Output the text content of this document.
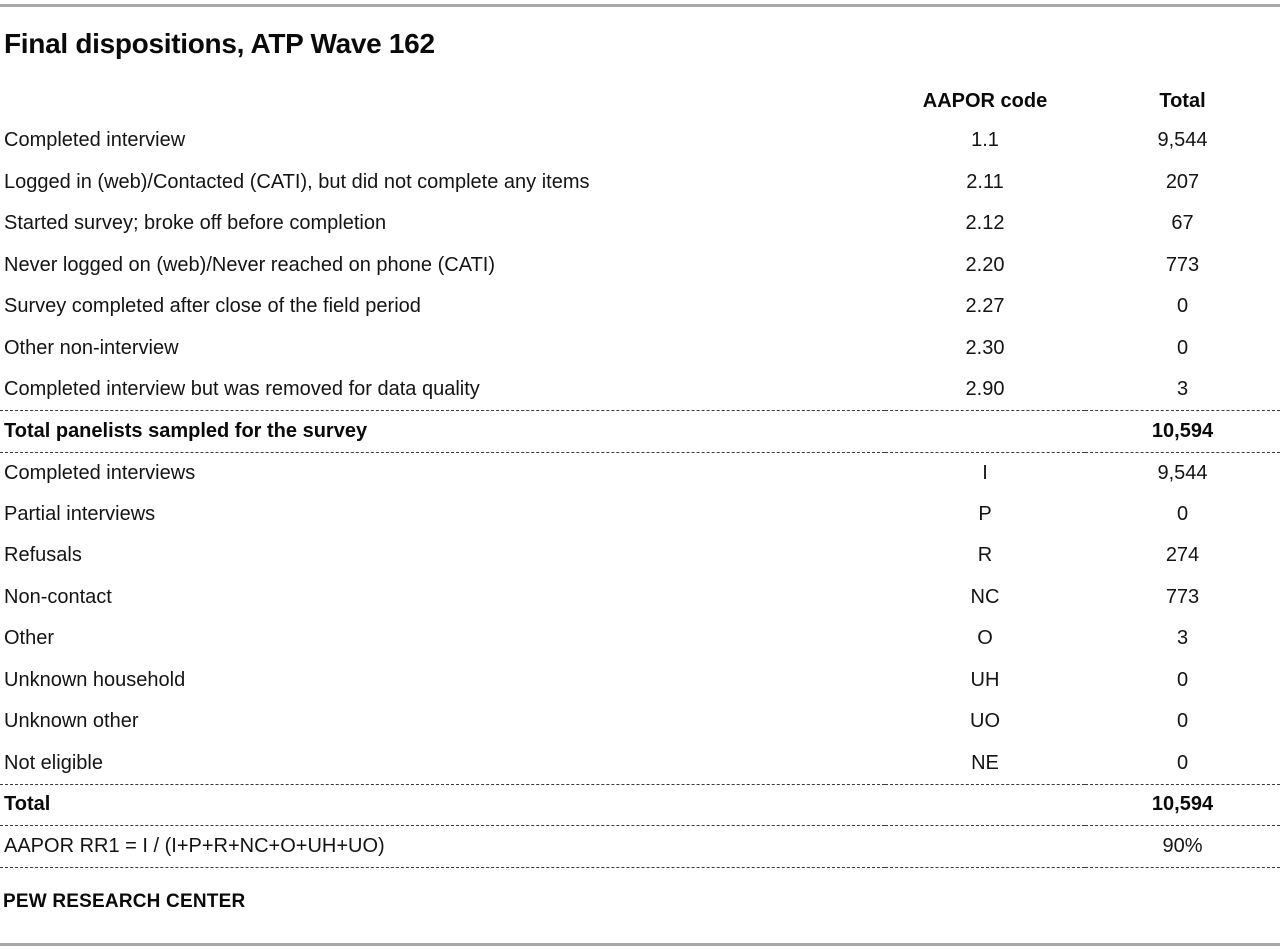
Final dispositions, ATP Wave 162
	AAPOR code	Total
Completed interview	1.1	9,544
Logged in (web)/Contacted (CATI), but did not complete any items	2.11	207
Started survey; broke off before completion	2.12	67
Never logged on (web)/Never reached on phone (CATI)	2.20	773
Survey completed after close of the field period	2.27	0
Other non-interview	2.30	0
Completed interview but was removed for data quality	2.90	3
Total panelists sampled for the survey		10,594
Completed interviews	I	9,544
Partial interviews	P	0
Refusals	R	274
Non-contact	NC	773
Other	O	3
Unknown household	UH	0
Unknown other	UO	0
Not eligible	NE	0
Total		10,594
AAPOR RR1 = I / (I+P+R+NC+O+UH+UO)		90%
PEW RESEARCH CENTER
